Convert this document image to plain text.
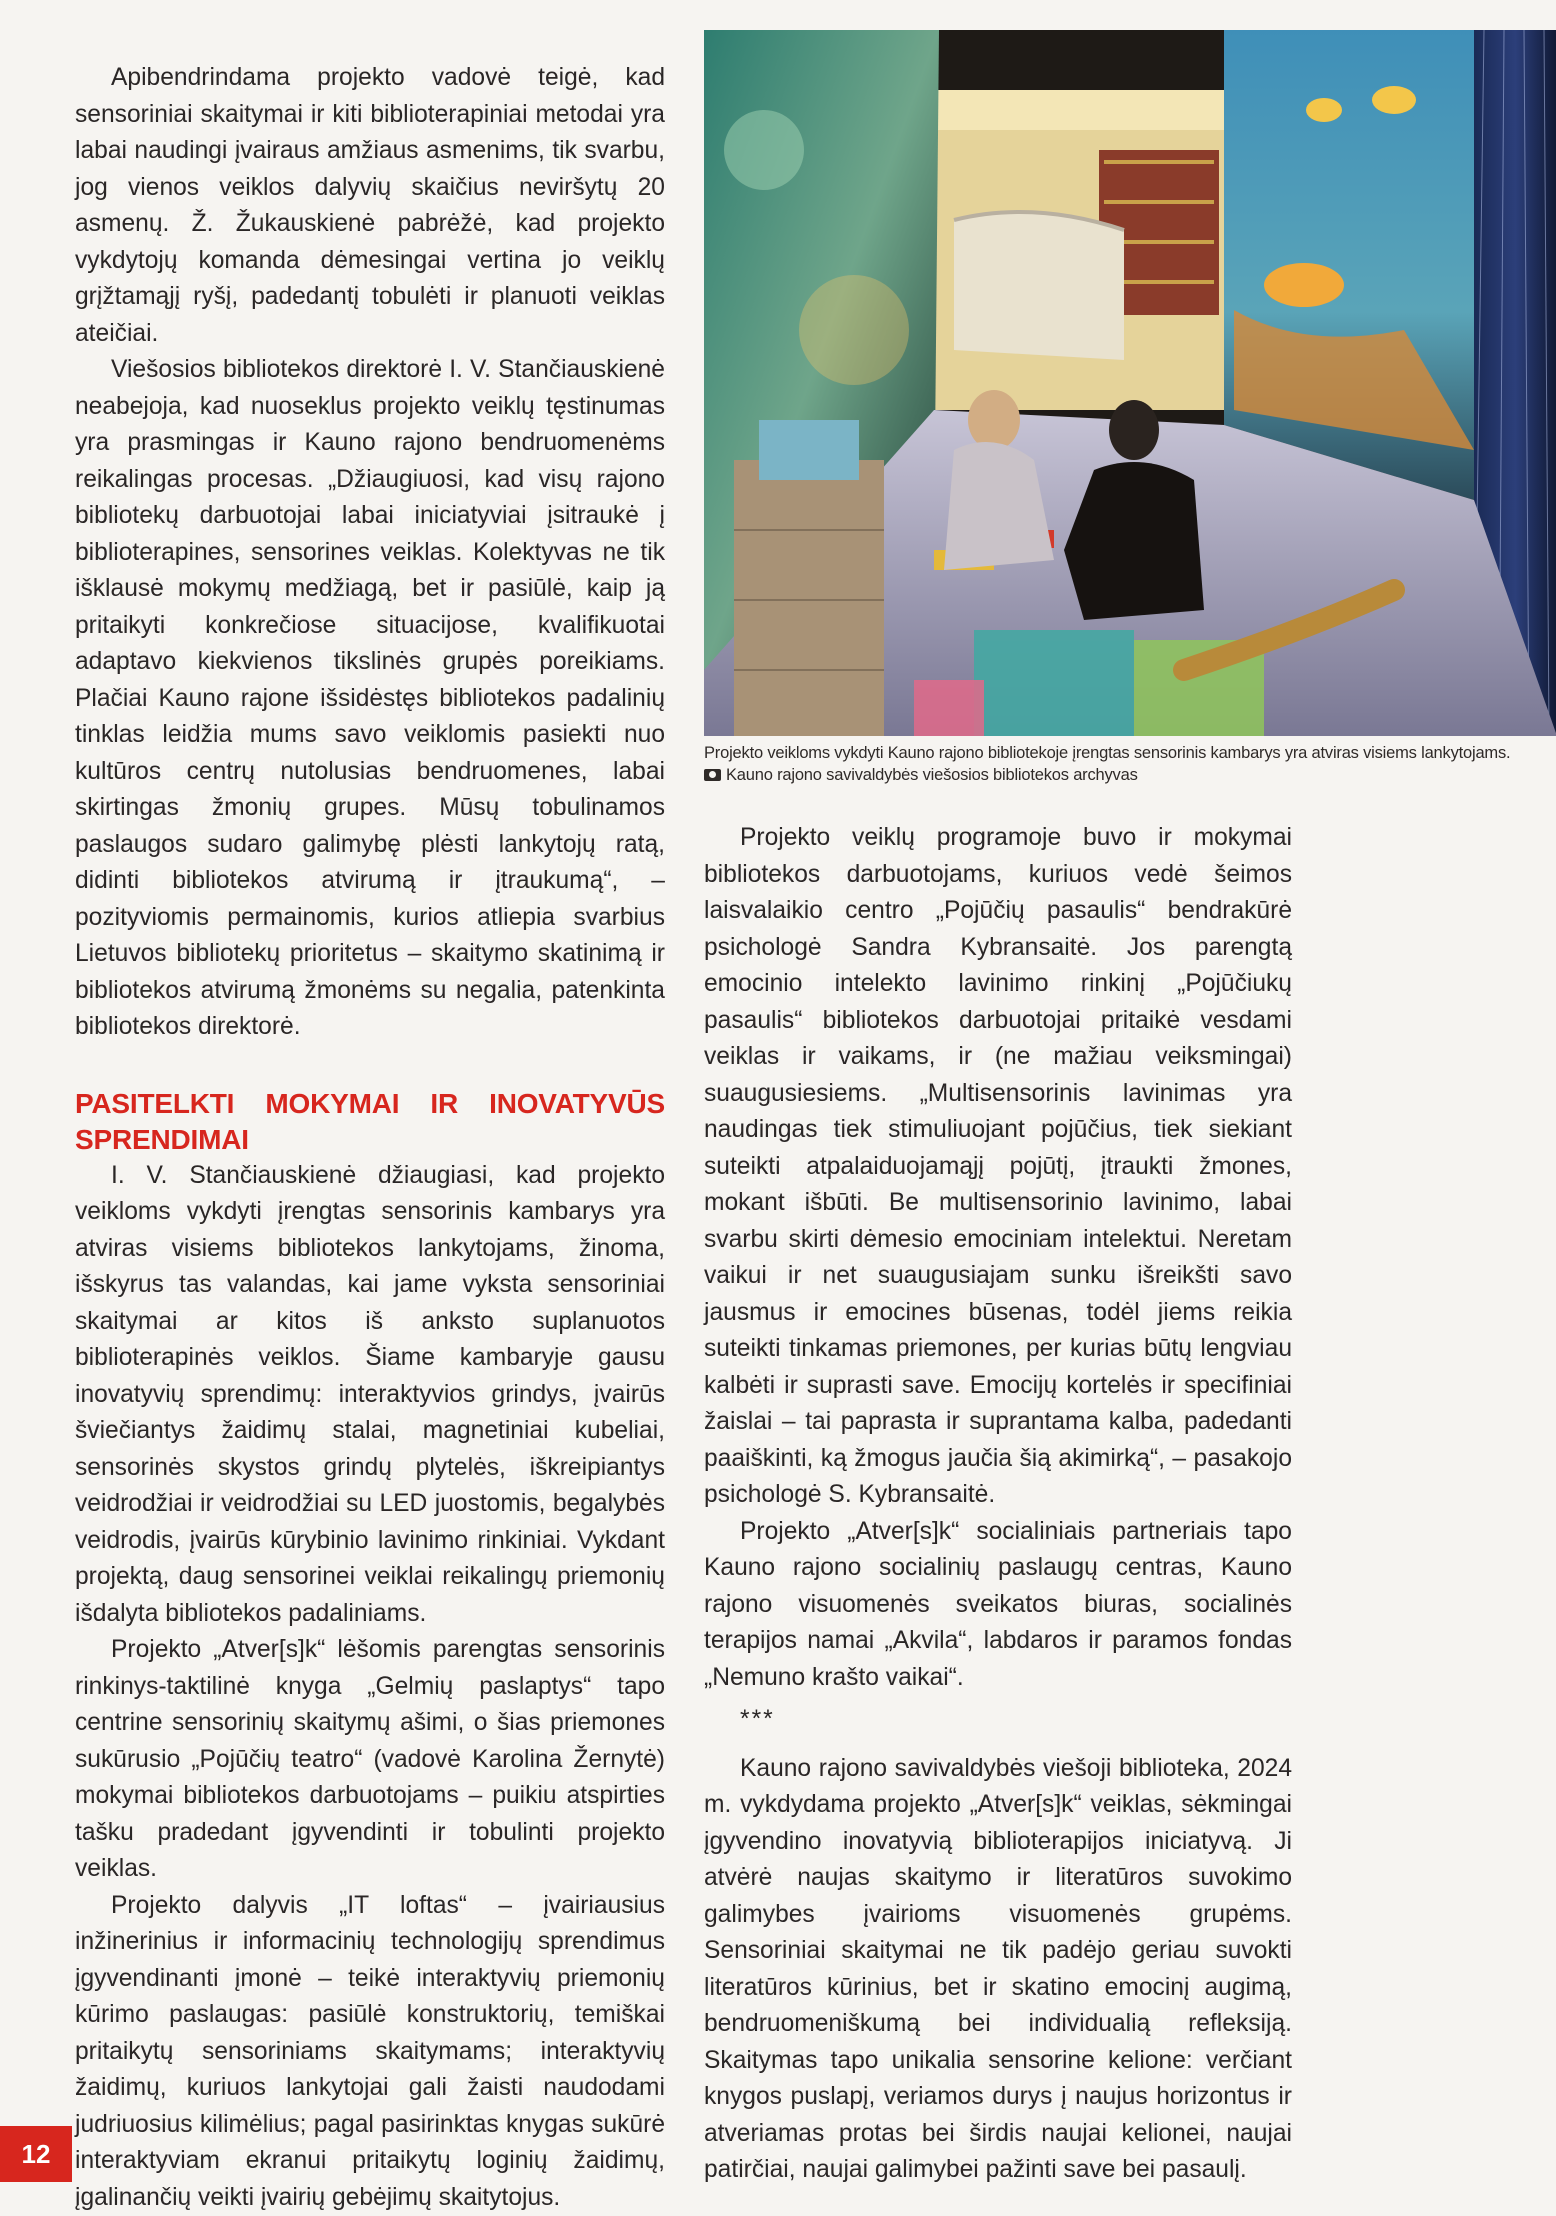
Apibendrindama projekto vadovė teigė, kad sensoriniai skaitymai ir kiti biblioterapiniai metodai yra labai naudingi įvairaus amžiaus asmenims, tik svarbu, jog vienos veiklos dalyvių skaičius neviršytų 20 asmenų. Ž. Žukauskienė pabrėžė, kad projekto vykdytojų komanda dėmesingai vertina jo veiklų grįžtamąjį ryšį, padedantį tobulėti ir planuoti veiklas ateičiai.

Viešosios bibliotekos direktorė I. V. Stančiauskienė neabejoja, kad nuoseklus projekto veiklų tęstinumas yra prasmingas ir Kauno rajono bendruomenėms reikalingas procesas. „Džiaugiuosi, kad visų rajono bibliotekų darbuotojai labai iniciatyviai įsitraukė į biblioterapines, sensorines veiklas. Kolektyvas ne tik išklausė mokymų medžiagą, bet ir pasiūlė, kaip ją pritaikyti konkrečiose situacijose, kvalifikuotai adaptavo kiekvienos tikslinės grupės poreikiams. Plačiai Kauno rajone išsidėstęs bibliotekos padalinių tinklas leidžia mums savo veiklomis pasiekti nuo kultūros centrų nutolusias bendruomenes, labai skirtingas žmonių grupes. Mūsų tobulinamos paslaugos sudaro galimybę plėsti lankytojų ratą, didinti bibliotekos atvirumą ir įtraukumą“, – pozityviomis permainomis, kurios atliepia svarbius Lietuvos bibliotekų prioritetus – skaitymo skatinimą ir bibliotekos atvirumą žmonėms su negalia, patenkinta bibliotekos direktorė.

PASITELKTI MOKYMAI IR INOVATYVŪS SPRENDIMAI

I. V. Stančiauskienė džiaugiasi, kad projekto veikloms vykdyti įrengtas sensorinis kambarys yra atviras visiems bibliotekos lankytojams, žinoma, išskyrus tas valandas, kai jame vyksta sensoriniai skaitymai ar kitos iš anksto suplanuotos biblioterapinės veiklos. Šiame kambaryje gausu inovatyvių sprendimų: interaktyvios grindys, įvairūs šviečiantys žaidimų stalai, magnetiniai kubeliai, sensorinės skystos grindų plytelės, iškreipiantys veidrodžiai ir veidrodžiai su LED juostomis, begalybės veidrodis, įvairūs kūrybinio lavinimo rinkiniai. Vykdant projektą, daug sensorinei veiklai reikalingų priemonių išdalyta bibliotekos padaliniams.

Projekto „Atver[s]k“ lėšomis parengtas sensorinis rinkinys-taktilinė knyga „Gelmių paslaptys“ tapo centrine sensorinių skaitymų ašimi, o šias priemones sukūrusio „Pojūčių teatro“ (vadovė Karolina Žernytė) mokymai bibliotekos darbuotojams – puikiu atspirties tašku pradedant įgyvendinti ir tobulinti projekto veiklas.

Projekto dalyvis „IT loftas“ – įvairiausius inžinerinius ir informacinių technologijų sprendimus įgyvendinanti įmonė – teikė interaktyvių priemonių kūrimo paslaugas: pasiūlė konstruktorių, temiškai pritaikytų sensoriniams skaitymams; interaktyvių žaidimų, kuriuos lankytojai gali žaisti naudodami judriuosius kilimėlius; pagal pasirinktas knygas sukūrė interaktyviam ekranui pritaikytų loginių žaidimų, įgalinančių veikti įvairių gebėjimų skaitytojus.

Projekto veikloms vykdyti Kauno rajono bibliotekoje įrengtas sensorinis kambarys yra atviras visiems lankytojams.
Kauno rajono savivaldybės viešosios bibliotekos archyvas

Projekto veiklų programoje buvo ir mokymai bibliotekos darbuotojams, kuriuos vedė šeimos laisvalaikio centro „Pojūčių pasaulis“ bendrakūrė psichologė Sandra Kybransaitė. Jos parengtą emocinio intelekto lavinimo rinkinį „Pojūčiukų pasaulis“ bibliotekos darbuotojai pritaikė vesdami veiklas ir vaikams, ir (ne mažiau veiksmingai) suaugusiesiems. „Multisensorinis lavinimas yra naudingas tiek stimuliuojant pojūčius, tiek siekiant suteikti atpalaiduojamąjį pojūtį, įtraukti žmones, mokant išbūti. Be multisensorinio lavinimo, labai svarbu skirti dėmesio emociniam intelektui. Neretam vaikui ir net suaugusiajam sunku išreikšti savo jausmus ir emocines būsenas, todėl jiems reikia suteikti tinkamas priemones, per kurias būtų lengviau kalbėti ir suprasti save. Emocijų kortelės ir specifiniai žaislai – tai paprasta ir suprantama kalba, padedanti paaiškinti, ką žmogus jaučia šią akimirką“, – pasakojo psichologė S. Kybransaitė.

Projekto „Atver[s]k“ socialiniais partneriais tapo Kauno rajono socialinių paslaugų centras, Kauno rajono visuomenės sveikatos biuras, socialinės terapijos namai „Akvila“, labdaros ir paramos fondas „Nemuno krašto vaikai“.

***

Kauno rajono savivaldybės viešoji biblioteka, 2024 m. vykdydama projekto „Atver[s]k“ veiklas, sėkmingai įgyvendino inovatyvią biblioterapijos iniciatyvą. Ji atvėrė naujas skaitymo ir literatūros suvokimo galimybes įvairioms visuomenės grupėms. Sensoriniai skaitymai ne tik padėjo geriau suvokti literatūros kūrinius, bet ir skatino emocinį augimą, bendruomeniškumą bei individualią refleksiją. Skaitymas tapo unikalia sensorine kelione: verčiant knygos puslapį, veriamos durys į naujus horizontus ir atveriamas protas bei širdis naujai kelionei, naujai patirčiai, naujai galimybei pažinti save bei pasaulį.

12
